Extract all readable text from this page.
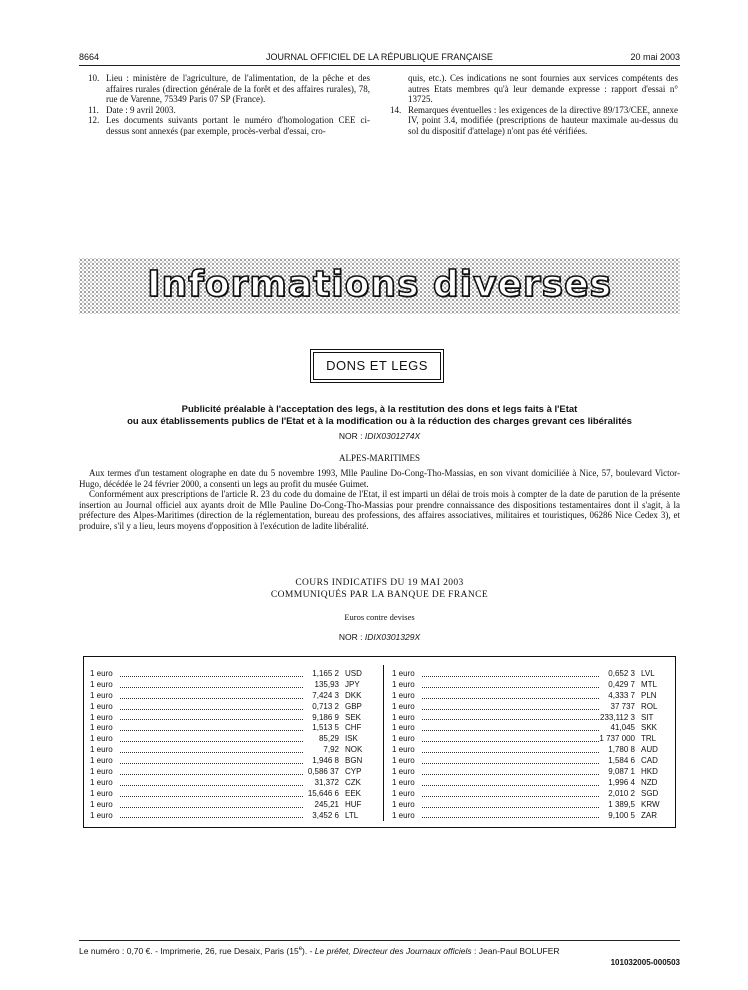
8664	JOURNAL OFFICIEL DE LA RÉPUBLIQUE FRANÇAISE	20 mai 2003
10. Lieu : ministère de l'agriculture, de l'alimentation, de la pêche et des affaires rurales (direction générale de la forêt et des affaires rurales), 78, rue de Varenne, 75349 Paris 07 SP (France).
11. Date : 9 avril 2003.
12. Les documents suivants portant le numéro d'homologation CEE ci-dessus sont annexés (par exemple, procès-verbal d'essai, cro-
quis, etc.). Ces indications ne sont fournies aux services compétents des autres Etats membres qu'à leur demande expresse : rapport d'essai n° 13725.
14. Remarques éventuelles : les exigences de la directive 89/173/CEE, annexe IV, point 3.4, modifiée (prescriptions de hauteur maximale au-dessus du sol du dispositif d'attelage) n'ont pas été vérifiées.
Informations diverses
DONS ET LEGS
Publicité préalable à l'acceptation des legs, à la restitution des dons et legs faits à l'Etat
ou aux établissements publics de l'Etat et à la modification ou à la réduction des charges grevant ces libéralités
NOR : IDIX0301274X
ALPES-MARITIMES
Aux termes d'un testament olographe en date du 5 novembre 1993, Mlle Pauline Do-Cong-Tho-Massias, en son vivant domiciliée à Nice, 57, boulevard Victor-Hugo, décédée le 24 février 2000, a consenti un legs au profit du musée Guimet.
Conformément aux prescriptions de l'article R. 23 du code du domaine de l'Etat, il est imparti un délai de trois mois à compter de la date de parution de la présente insertion au Journal officiel aux ayants droit de Mlle Pauline Do-Cong-Tho-Massias pour prendre connaissance des dispositions testamentaires dont il s'agit, à la préfecture des Alpes-Maritimes (direction de la réglementation, bureau des professions, des affaires associatives, militaires et touristiques, 06286 Nice Cedex 3), et produire, s'il y a lieu, leurs moyens d'opposition à l'exécution de ladite libéralité.
COURS INDICATIFS DU 19 MAI 2003
COMMUNIQUÉS PAR LA BANQUE DE FRANCE
Euros contre devises
NOR : IDIX0301329X
1 euro	1,165 2 USD
1 euro	135,93 JPY
1 euro	7,424 3 DKK
1 euro	0,713 2 GBP
1 euro	9,186 9 SEK
1 euro	1,513 5 CHF
1 euro	85,29 ISK
1 euro	7,92 NOK
1 euro	1,946 8 BGN
1 euro	0,586 37 CYP
1 euro	31,372 CZK
1 euro	15,646 6 EEK
1 euro	245,21 HUF
1 euro	3,452 6 LTL
1 euro	0,652 3 LVL
1 euro	0,429 7 MTL
1 euro	4,333 7 PLN
1 euro	37 737 ROL
1 euro	233,112 3 SIT
1 euro	41,045 SKK
1 euro	1 737 000 TRL
1 euro	1,780 8 AUD
1 euro	1,584 6 CAD
1 euro	9,087 1 HKD
1 euro	1,996 4 NZD
1 euro	2,010 2 SGD
1 euro	1 389,5 KRW
1 euro	9,100 5 ZAR
Le numéro : 0,70 €. - Imprimerie, 26, rue Desaix, Paris (15e). - Le préfet, Directeur des Journaux officiels : Jean-Paul BOLUFER
101032005-000503
